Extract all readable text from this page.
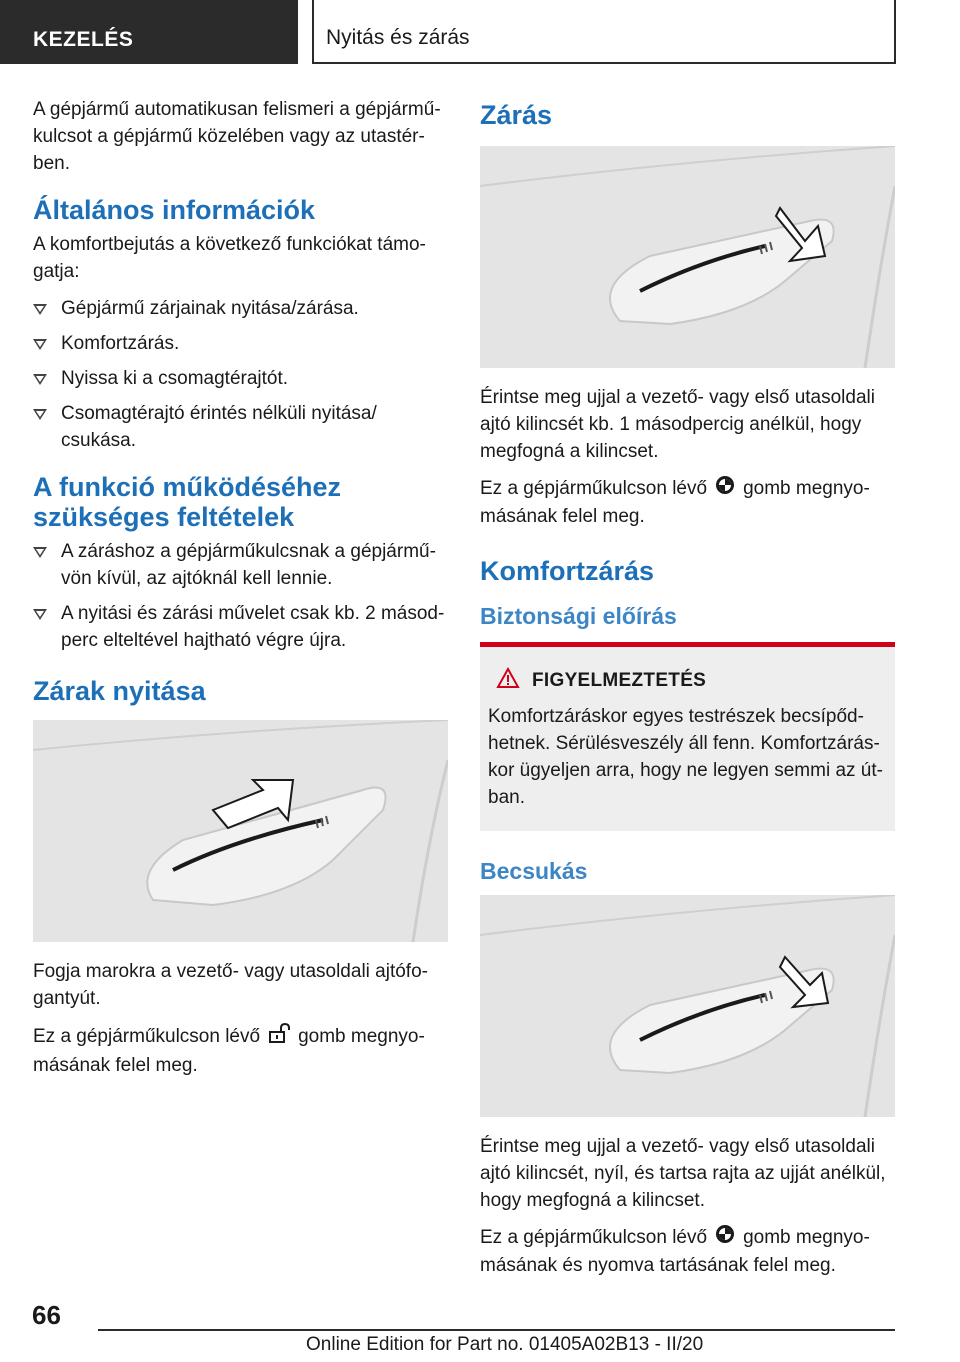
KEZELÉS	Nyitás és zárás

A gépjármű automatikusan felismeri a gépjárműkulcsot a gépjármű közelében vagy az utastérben.

Általános információk

A komfortbejutás a következő funkciókat támogatja:

Gépjármű zárjainak nyitása/zárása.
Komfortzárás.
Nyissa ki a csomagtérajtót.
Csomagtérajtó érintés nélküli nyitása/ csukása.
A funkció működéséhez szükséges feltételek
A záráshoz a gépjárműkulcsnak a gépjárművön kívül, az ajtóknál kell lennie.
A nyitási és zárási művelet csak kb. 2 másodperc elteltével hajtható végre újra.
Zárak nyitása

Fogja marokra a vezető- vagy utasoldali ajtófogantyút.

Ez a gépjárműkulcson lévő gomb megnyomásának felel meg.

Zárás

Érintse meg ujjal a vezető- vagy első utasoldali ajtó kilincsét kb. 1 másodpercig anélkül, hogy megfogná a kilincset.

Ez a gépjárműkulcson lévő gomb megnyomásának felel meg.

Komfortzárás
Biztonsági előírás
FIGYELMEZTETÉS

Komfortzáráskor egyes testrészek becsípődhetnek. Sérülésveszély áll fenn. Komfortzáráskor ügyeljen arra, hogy ne legyen semmi az útban.

Becsukás

Érintse meg ujjal a vezető- vagy első utasoldali ajtó kilincsét, nyíl, és tartsa rajta az ujját anélkül, hogy megfogná a kilincset.

Ez a gépjárműkulcson lévő gomb megnyomásának és nyomva tartásának felel meg.

66
Online Edition for Part no. 01405A02B13 - II/20
